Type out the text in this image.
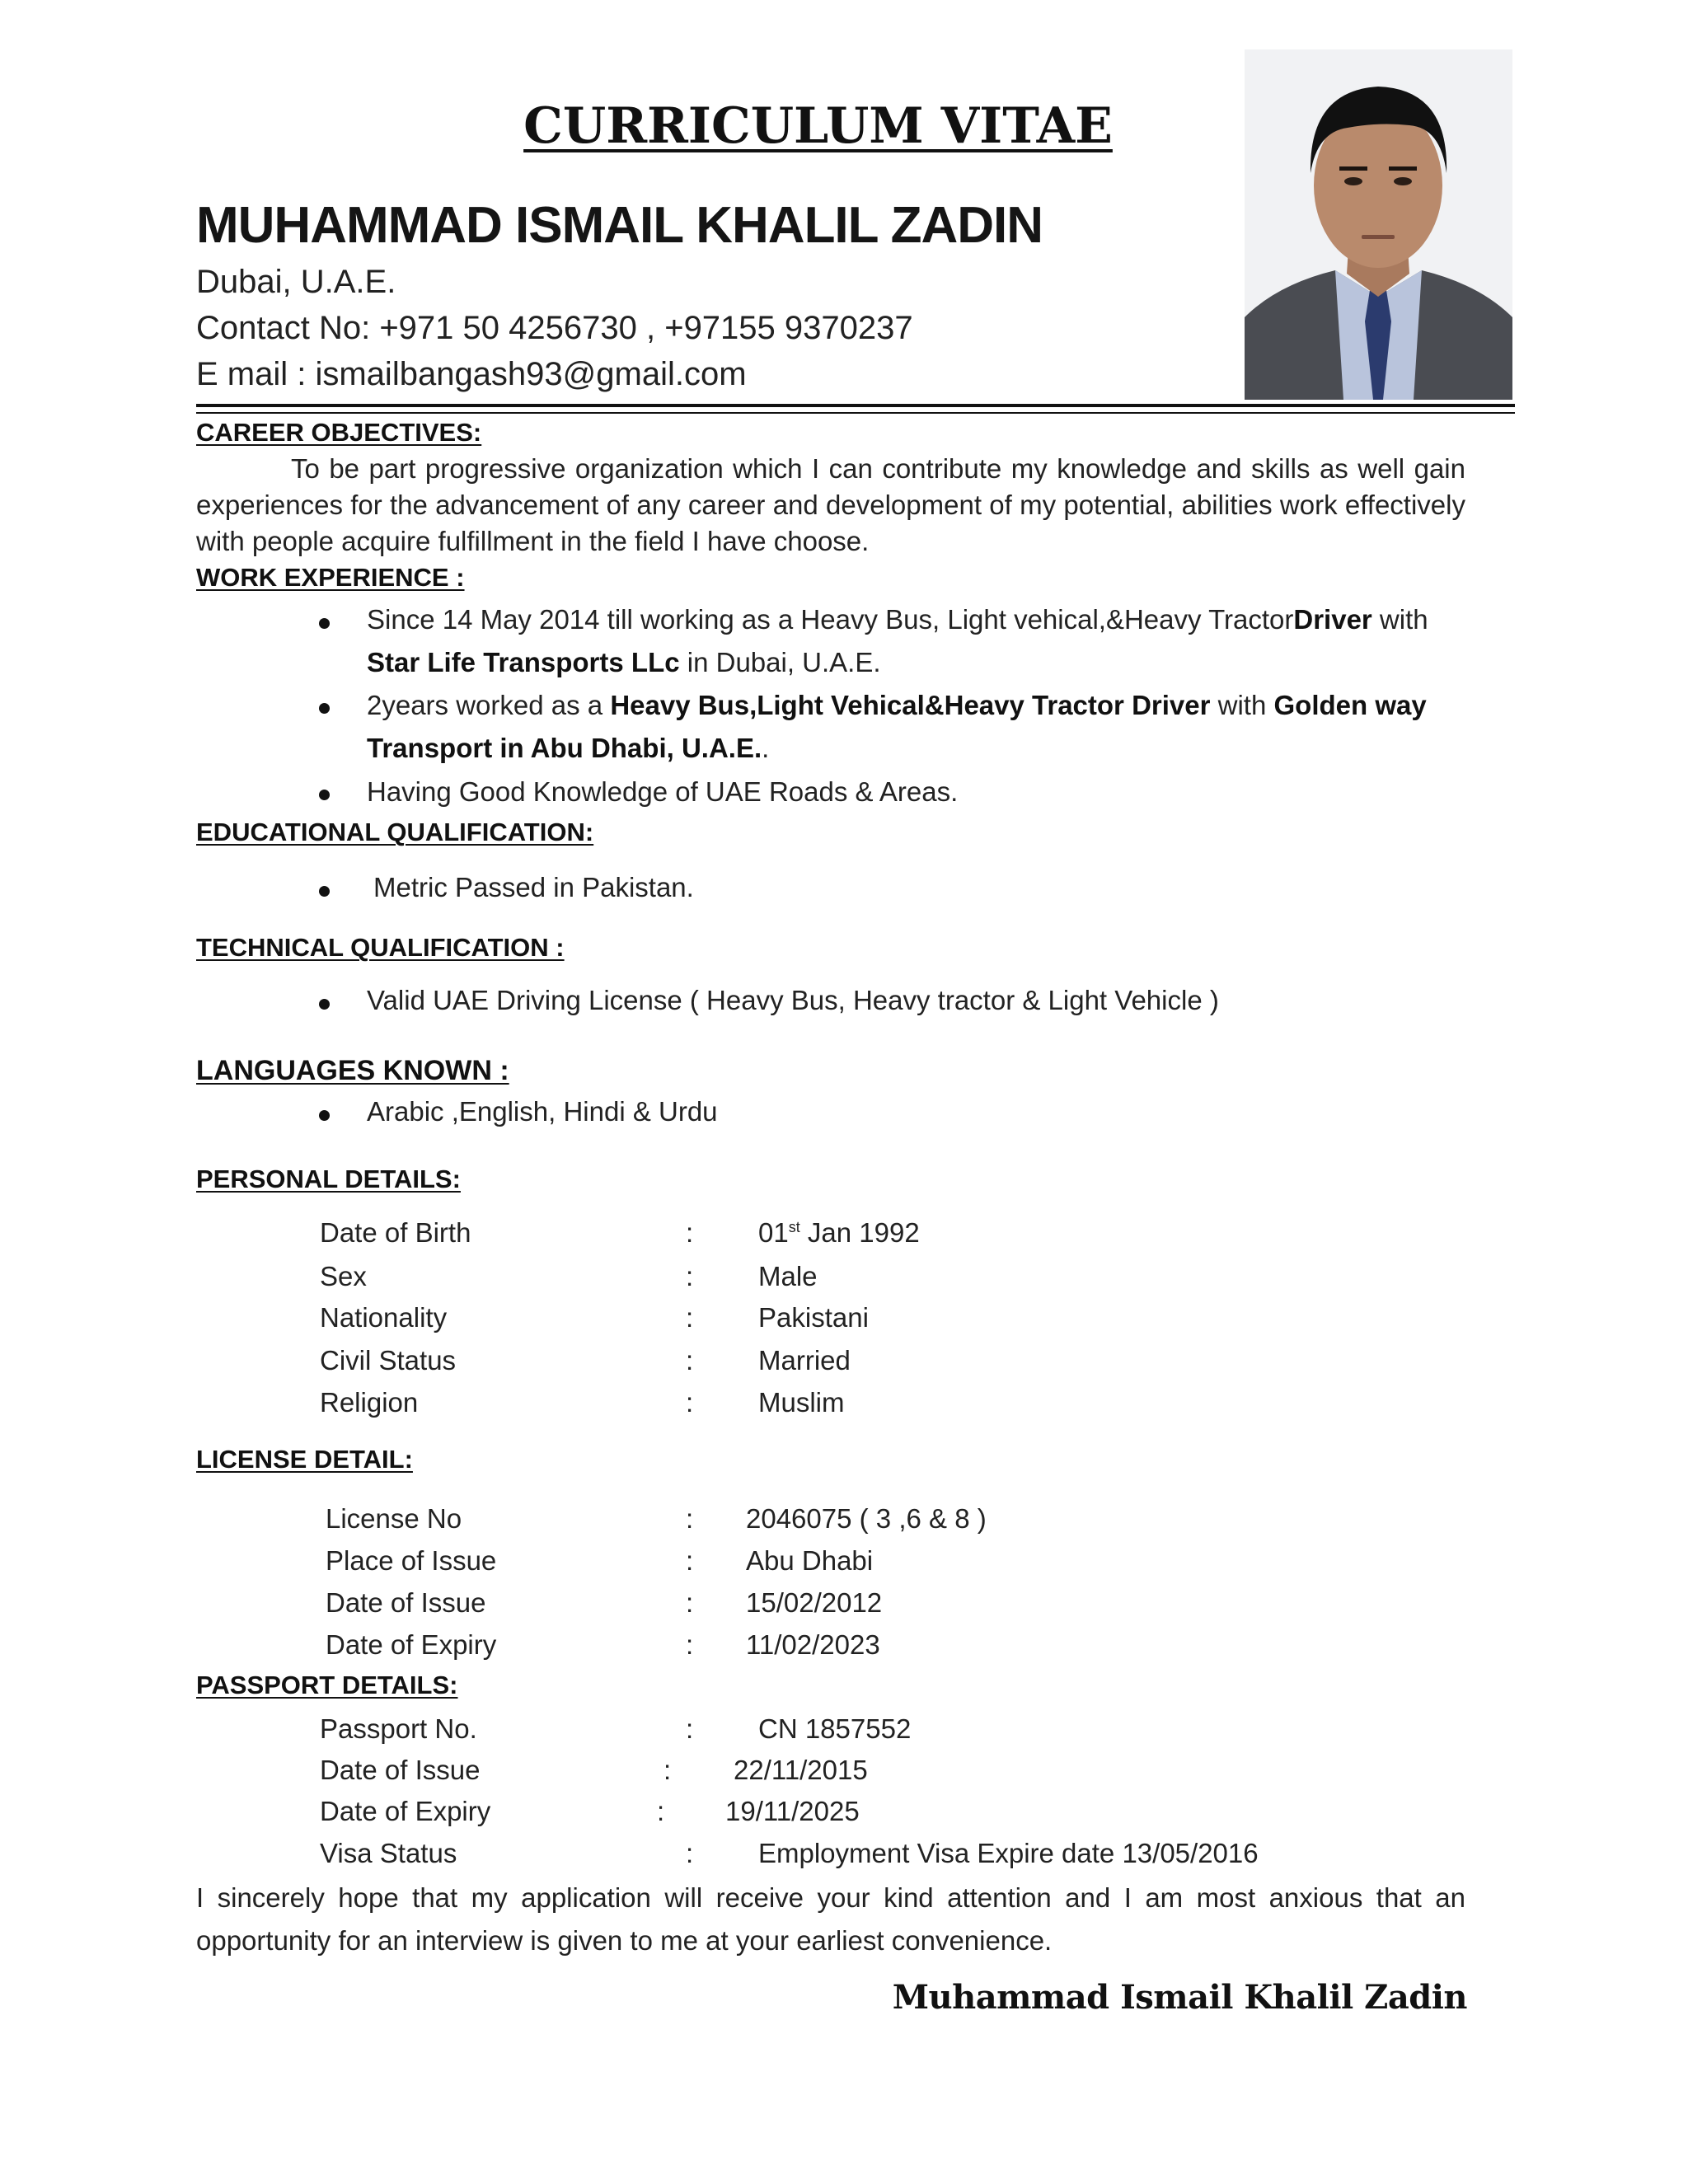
CURRICULUM VITAE
MUHAMMAD ISMAIL KHALIL ZADIN
Dubai, U.A.E.
Contact No: +971 50 4256730 , +97155 9370237
E mail : ismailbangash93@gmail.com
CAREER OBJECTIVES:
To be part progressive organization which I can contribute my knowledge and skills as well gain experiences for the advancement of any career and development of my potential, abilities work effectively with people acquire fulfillment in the field I have choose.
WORK EXPERIENCE :
Since 14 May 2014 till working as a Heavy Bus, Light vehical,&Heavy TractorDriver with
Star Life Transports LLc in Dubai, U.A.E.
2years worked as a Heavy Bus,Light Vehical&Heavy Tractor Driver with Golden way
Transport in Abu Dhabi, U.A.E..
Having Good Knowledge of UAE Roads & Areas.
EDUCATIONAL QUALIFICATION:
Metric Passed in Pakistan.
TECHNICAL QUALIFICATION :
Valid UAE Driving License ( Heavy Bus, Heavy tractor & Light Vehicle )
LANGUAGES KNOWN :
Arabic ,English, Hindi & Urdu
PERSONAL DETAILS:
Date of Birth	: 01st Jan 1992
Sex	: Male
Nationality	: Pakistani
Civil Status	: Married
Religion	: Muslim
LICENSE DETAIL:
License No	: 2046075 ( 3 ,6 & 8 )
Place of Issue	: Abu Dhabi
Date of Issue	: 15/02/2012
Date of Expiry	: 11/02/2023
PASSPORT DETAILS:
Passport No.	: CN 1857552
Date of Issue	: 22/11/2015
Date of Expiry	: 19/11/2025
Visa Status	: Employment Visa Expire date 13/05/2016
I sincerely hope that my application will receive your kind attention and I am most anxious that an opportunity for an interview is given to me at your earliest convenience.
Muhammad Ismail Khalil Zadin
